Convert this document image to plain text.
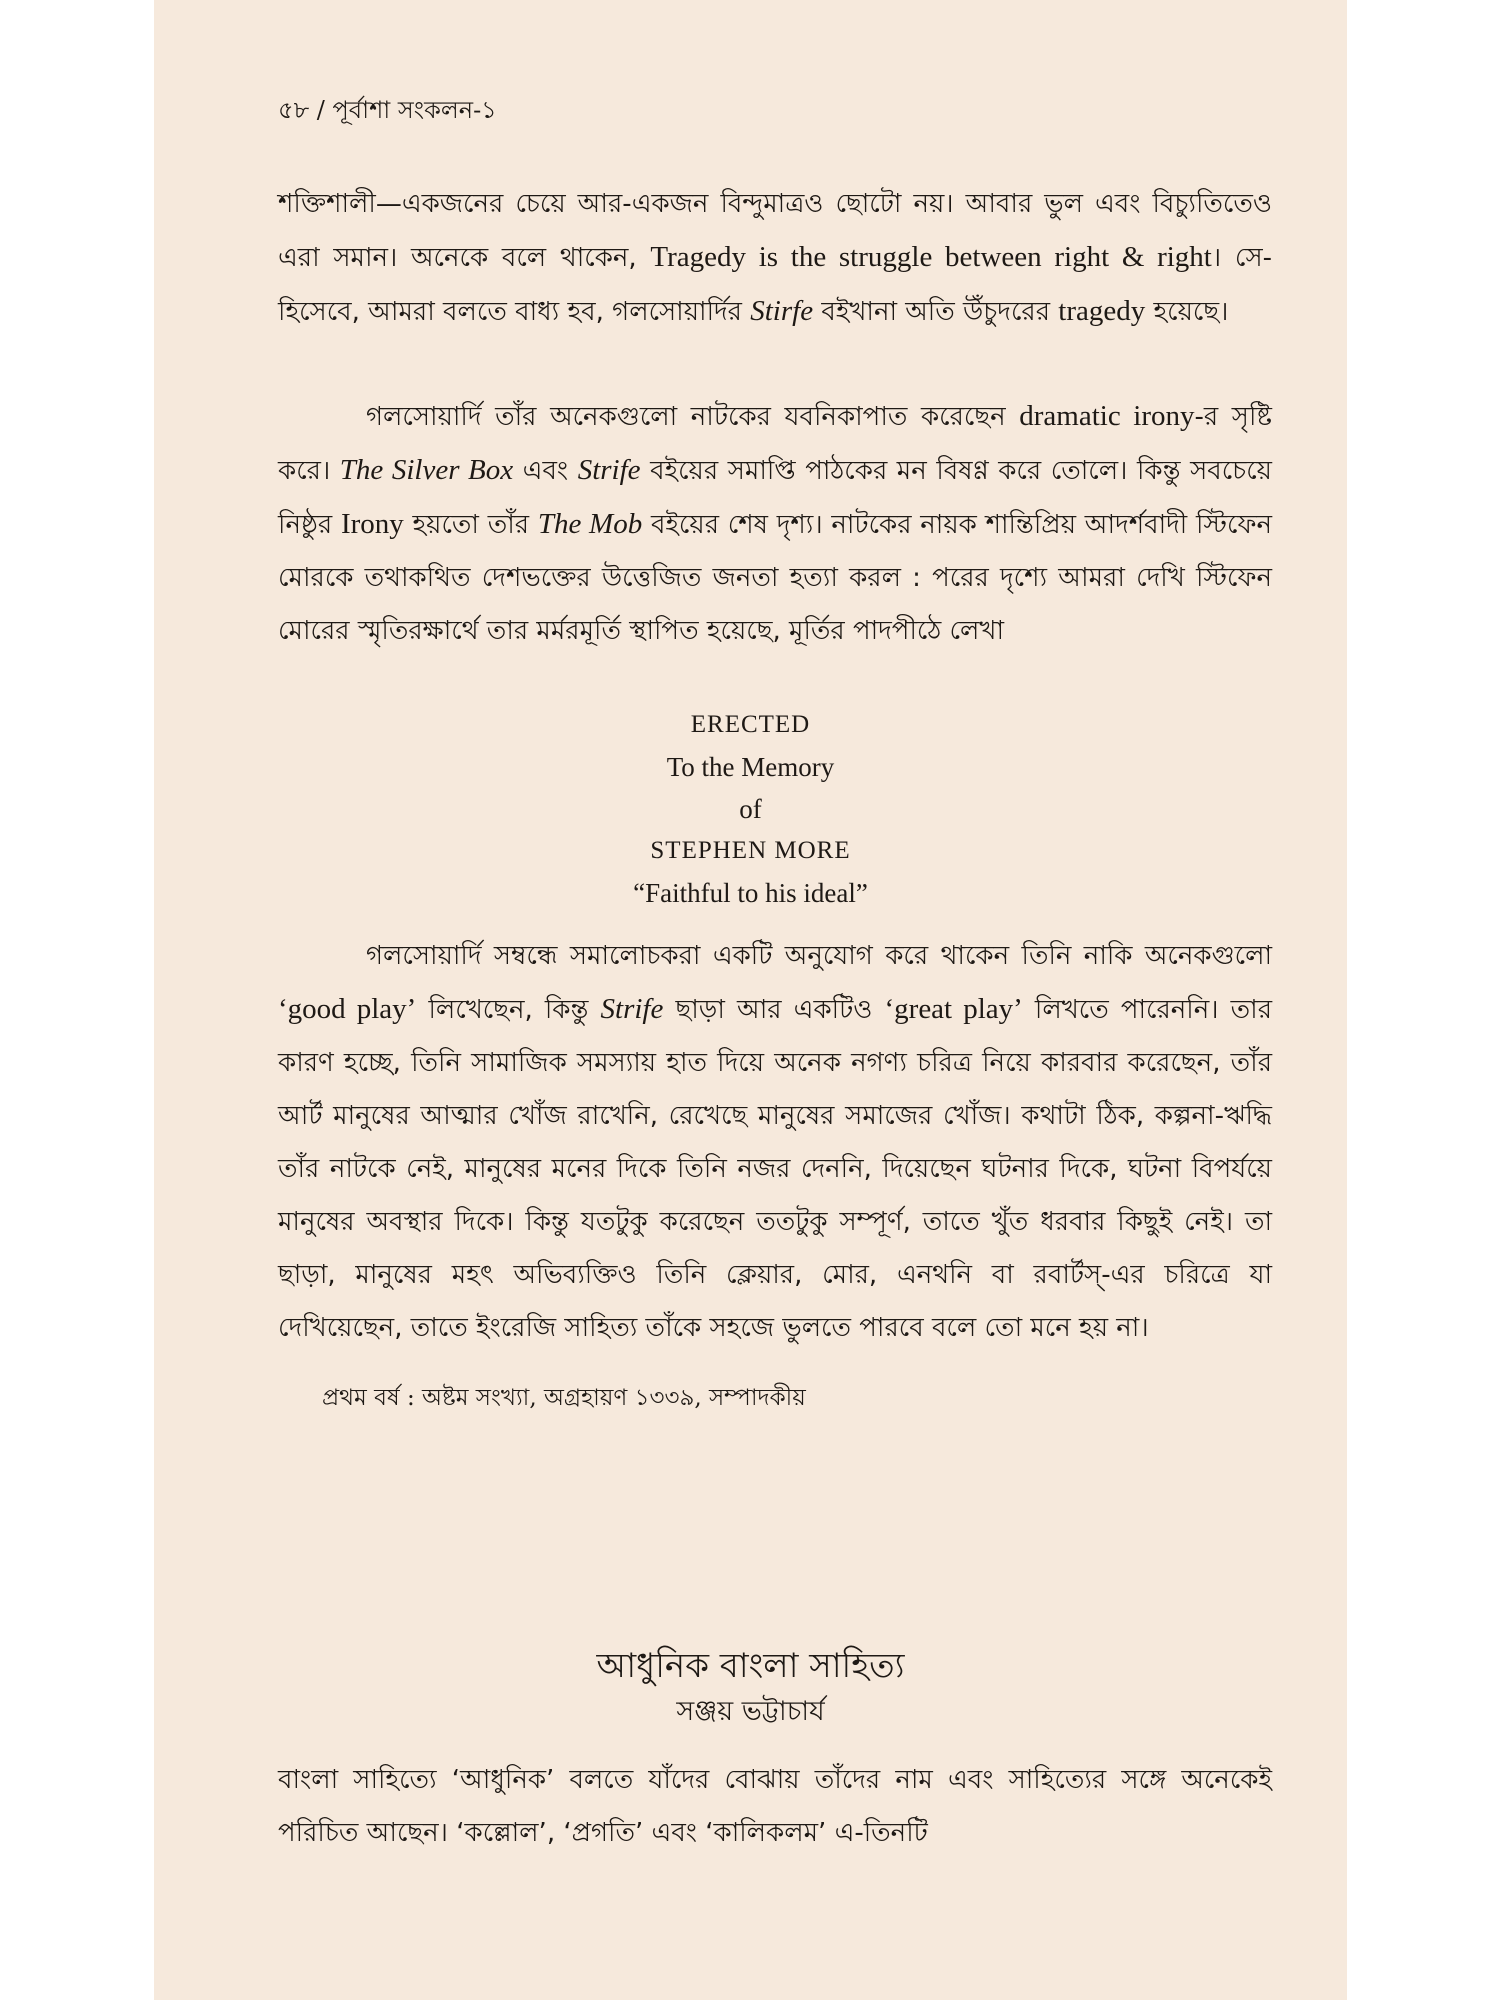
৫৮ / পূর্বাশা সংকলন-১

শক্তিশালী—একজনের চেয়ে আর-একজন বিন্দুমাত্রও ছোটো নয়। আবার ভুল এবং বিচ্যুতিতেও এরা সমান। অনেকে বলে থাকেন, Tragedy is the struggle between right & right। সে-হিসেবে, আমরা বলতে বাধ্য হব, গলসোয়ার্দির Stirfe বইখানা অতি উঁচুদরের tragedy হয়েছে।

গলসোয়ার্দি তাঁর অনেকগুলো নাটকের যবনিকাপাত করেছেন dramatic irony-র সৃষ্টি করে। The Silver Box এবং Strife বইয়ের সমাপ্তি পাঠকের মন বিষণ্ণ করে তোলে। কিন্তু সবচেয়ে নিষ্ঠুর Irony হয়তো তাঁর The Mob বইয়ের শেষ দৃশ্য। নাটকের নায়ক শান্তিপ্রিয় আদর্শবাদী স্টিফেন মোরকে তথাকথিত দেশভক্তের উত্তেজিত জনতা হত্যা করল : পরের দৃশ্যে আমরা দেখি স্টিফেন মোরের স্মৃতিরক্ষার্থে তার মর্মরমূর্তি স্থাপিত হয়েছে, মূর্তির পাদপীঠে লেখা

ERECTED
To the Memory
of
STEPHEN MORE
“Faithful to his ideal”

গলসোয়ার্দি সম্বন্ধে সমালোচকরা একটি অনুযোগ করে থাকেন তিনি নাকি অনেকগুলো ‘good play’ লিখেছেন, কিন্তু Strife ছাড়া আর একটিও ‘great play’ লিখতে পারেননি। তার কারণ হচ্ছে, তিনি সামাজিক সমস্যায় হাত দিয়ে অনেক নগণ্য চরিত্র নিয়ে কারবার করেছেন, তাঁর আর্ট মানুষের আত্মার খোঁজ রাখেনি, রেখেছে মানুষের সমাজের খোঁজ। কথাটা ঠিক, কল্পনা-ঋদ্ধি তাঁর নাটকে নেই, মানুষের মনের দিকে তিনি নজর দেননি, দিয়েছেন ঘটনার দিকে, ঘটনা বিপর্যয়ে মানুষের অবস্থার দিকে। কিন্তু যতটুকু করেছেন ততটুকু সম্পূর্ণ, তাতে খুঁত ধরবার কিছুই নেই। তা ছাড়া, মানুষের মহৎ অভিব্যক্তিও তিনি ক্লেয়ার, মোর, এনথনি বা রবার্টস্-এর চরিত্রে যা দেখিয়েছেন, তাতে ইংরেজি সাহিত্য তাঁকে সহজে ভুলতে পারবে বলে তো মনে হয় না।

প্রথম বর্ষ : অষ্টম সংখ্যা, অগ্রহায়ণ ১৩৩৯, সম্পাদকীয়
আধুনিক বাংলা সাহিত্য
সঞ্জয় ভট্টাচার্য

বাংলা সাহিত্যে ‘আধুনিক’ বলতে যাঁদের বোঝায় তাঁদের নাম এবং সাহিত্যের সঙ্গে অনেকেই পরিচিত আছেন। ‘কল্লোল’, ‘প্রগতি’ এবং ‘কালিকলম’ এ-তিনটি
